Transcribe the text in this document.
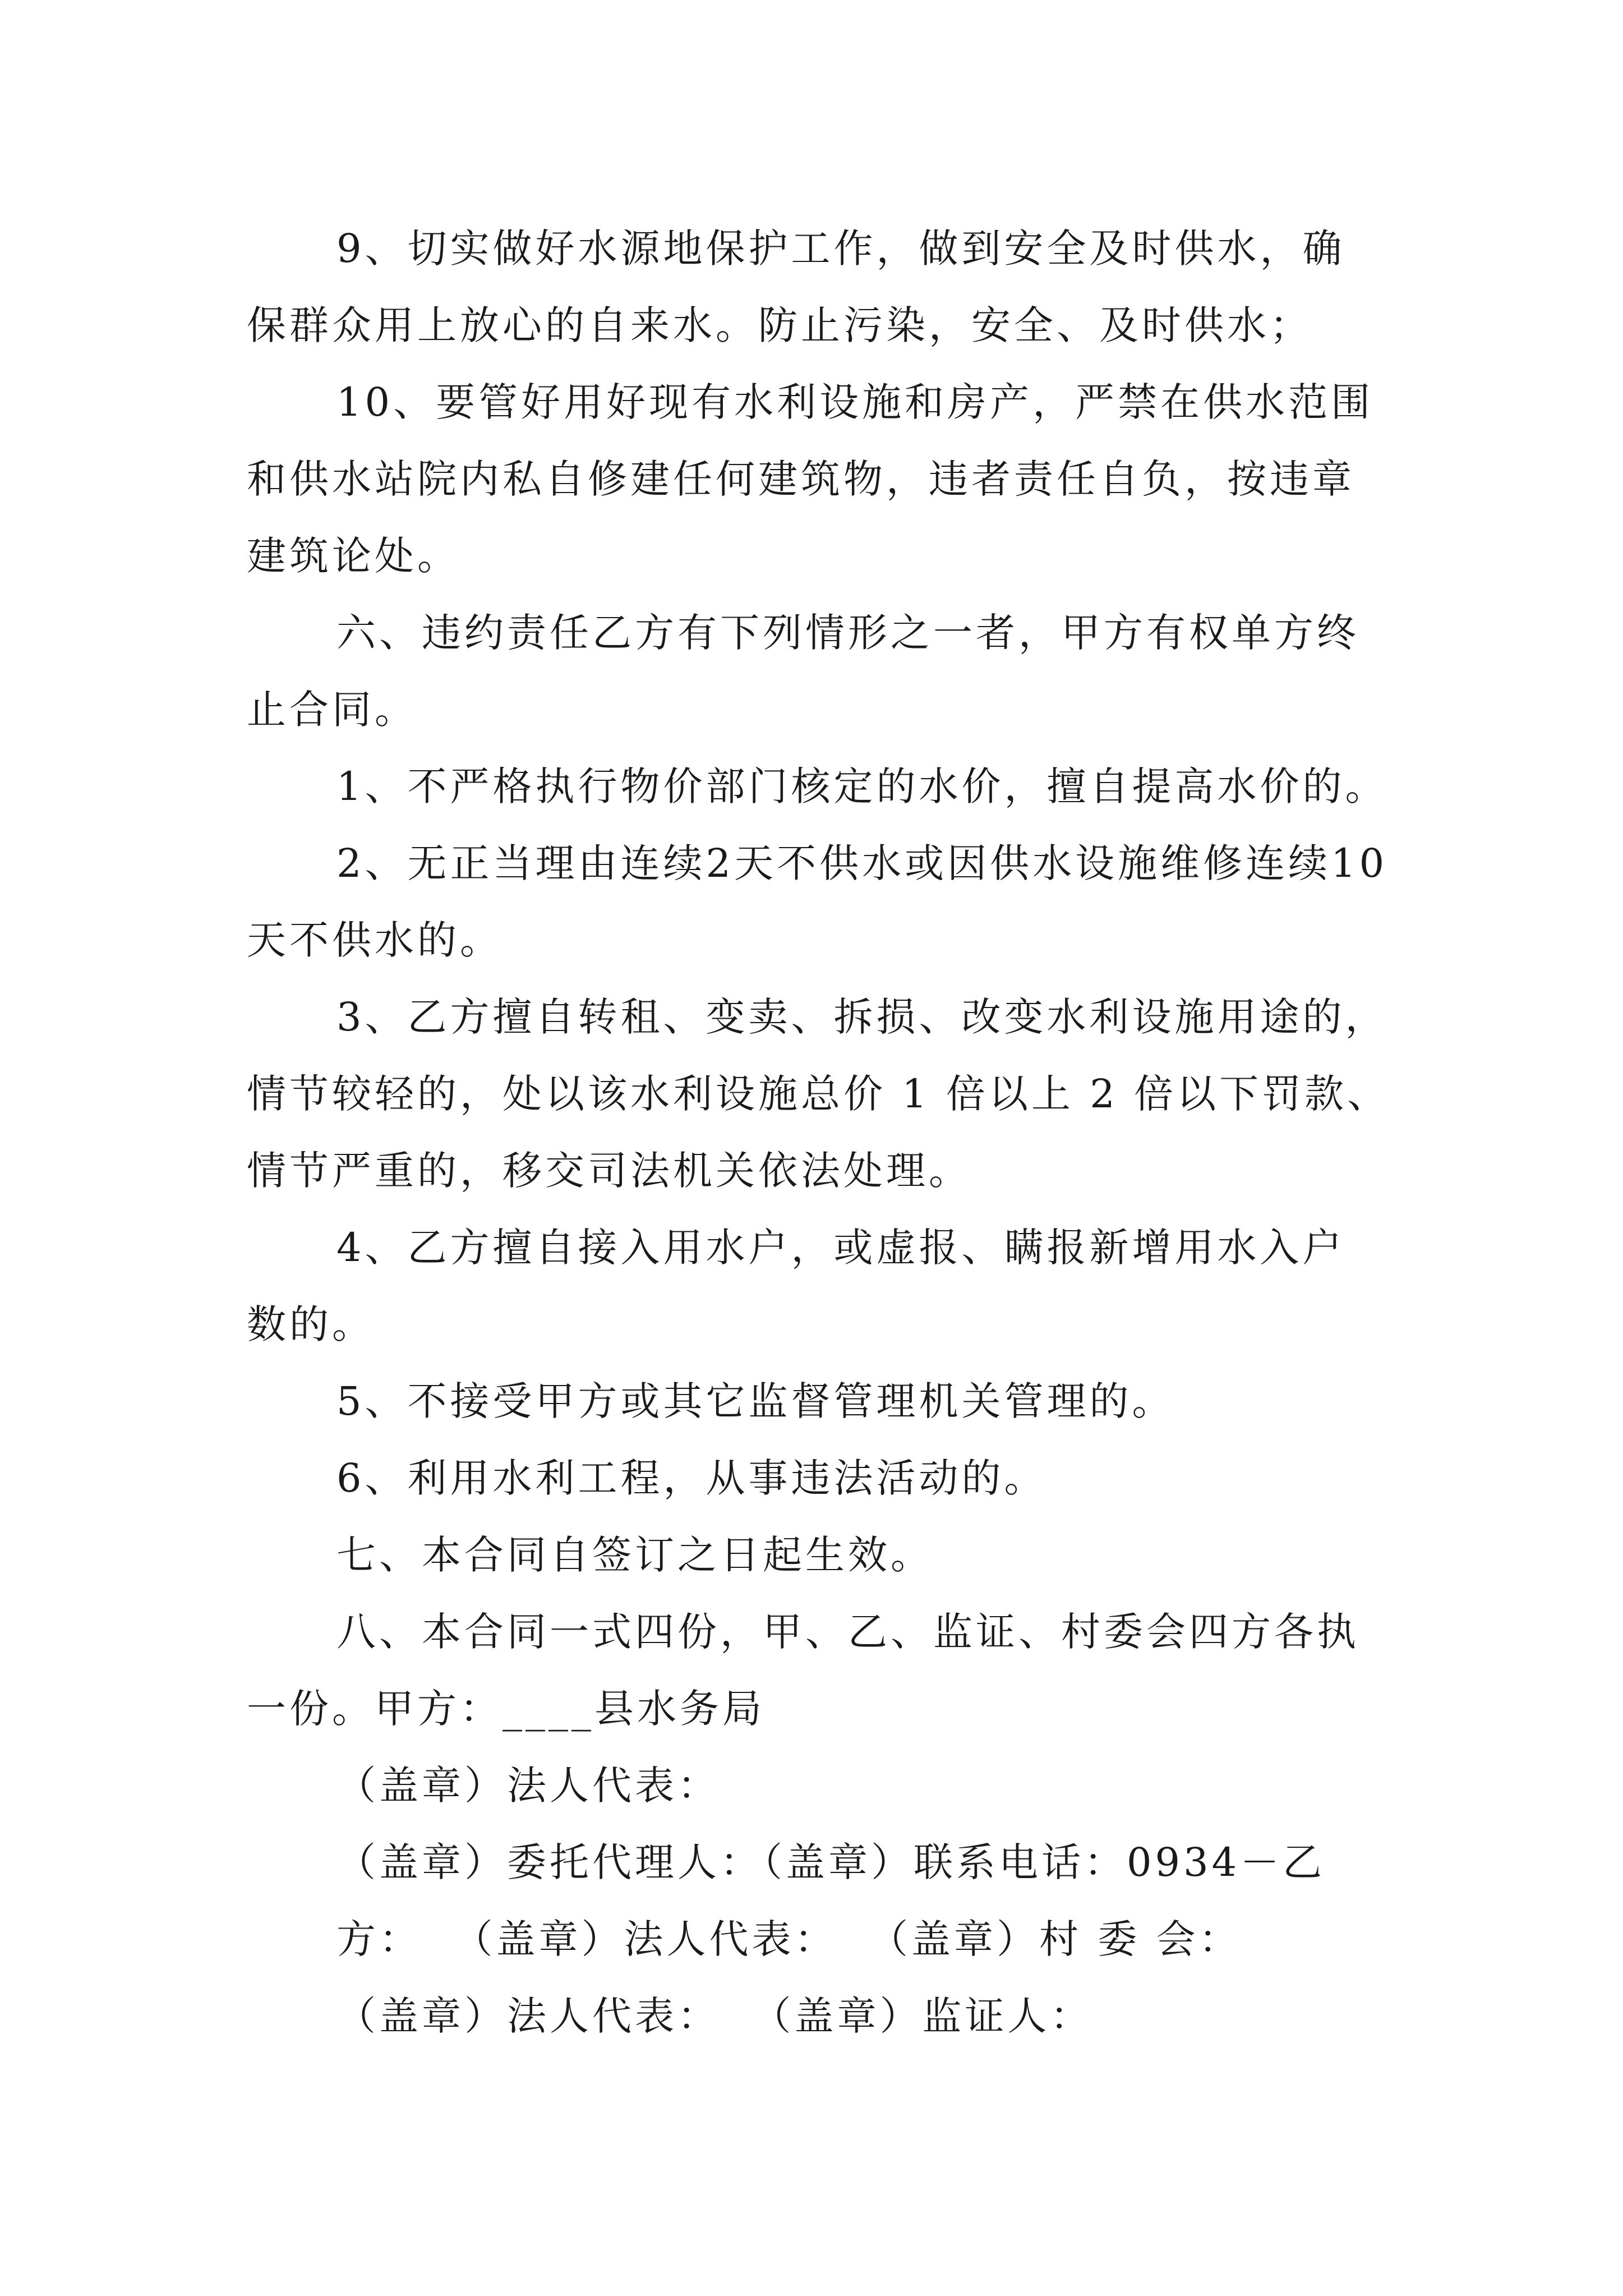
9、切实做好水源地保护工作，做到安全及时供水，确
保群众用上放心的自来水。防止污染，安全、及时供水；
10、要管好用好现有水利设施和房产，严禁在供水范围
和供水站院内私自修建任何建筑物，违者责任自负，按违章
建筑论处。
六、违约责任乙方有下列情形之一者，甲方有权单方终
止合同。
1、不严格执行物价部门核定的水价，擅自提高水价的。
2、无正当理由连续2天不供水或因供水设施维修连续10
天不供水的。
3、乙方擅自转租、变卖、拆损、改变水利设施用途的，
情节较轻的，处以该水利设施总价 1 倍以上 2 倍以下罚款、
情节严重的，移交司法机关依法处理。
4、乙方擅自接入用水户，或虚报、瞒报新增用水入户
数的。
5、不接受甲方或其它监督管理机关管理的。
6、利用水利工程，从事违法活动的。
七、本合同自签订之日起生效。
八、本合同一式四份，甲、乙、监证、村委会四方各执
一份。甲方：____县水务局
（盖章）法人代表：
（盖章）委托代理人：（盖章）联系电话：0934－乙
方：  （盖章）法人代表：  （盖章）村 委 会：
（盖章）法人代表：  （盖章）监证人：
